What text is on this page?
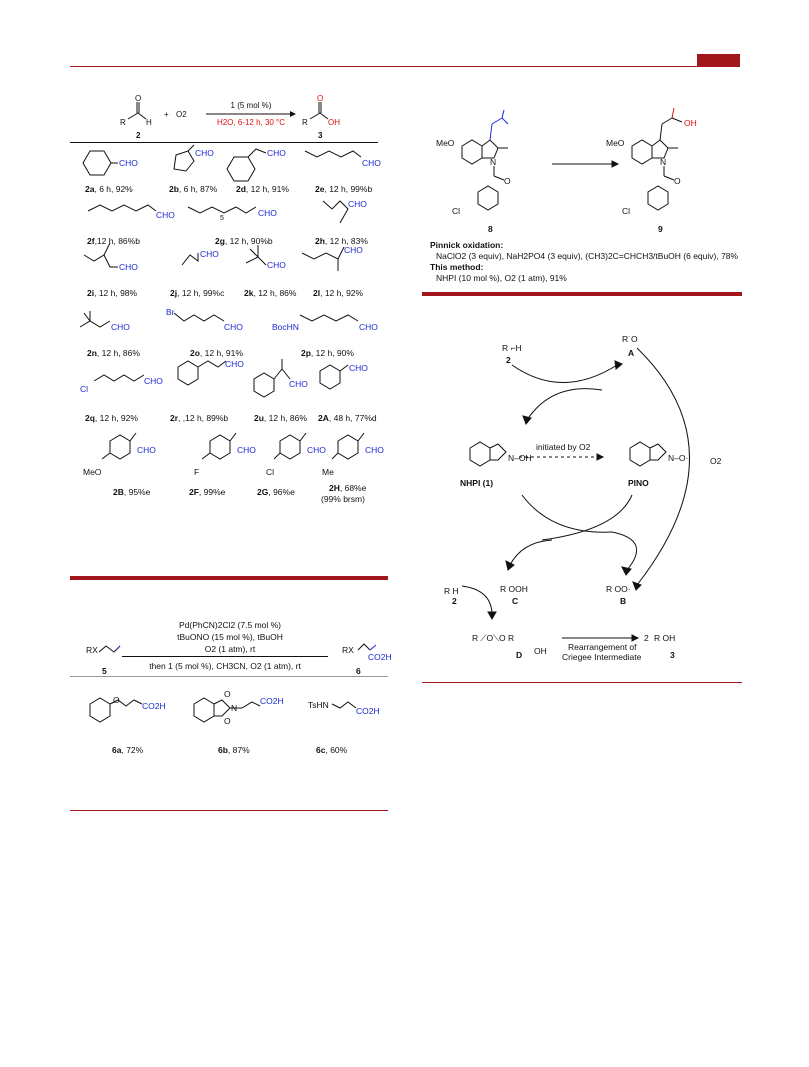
O
R	H
+ O2
1 (5 mol %)
H2O, 6-12 h, 30 °C
O
R	OH
2	3
CHO
CHO	CHO
CHO
CHO	5
CHO
CHO
CHO
CHO
CHO
CHO
CHO
Br
CHO	BocHN	CHO
Cl
CHO
CHO
CHO
CHO
MeO
CHO
F
CHO
Cl
CHO
Me
CHO
2a, 6 h, 92%	2b, 6 h, 87% 2d, 12 h, 91%	2e, 12 h, 99%b
2f,12 h, 86%b	2g, 12 h, 90%b	2h, 12 h, 83%
2i, 12 h, 98%	2j, 12 h, 99%c 2k, 12 h, 86% 2l, 12 h, 92%
2n, 12 h, 86%	2o, 12 h, 91%	2p, 12 h, 90%
2q, 12 h, 92%	2r, ,12 h, 89%b	2u, 12 h, 86% 2A, 48 h, 77%d
2B, 95%e	2F, 99%e	2G, 96%e	2H, 68%e
(99% brsm)
Pd(PhCN)2Cl2 (7.5 mol %)
tBuONO (15 mol %), tBuOH
O2 (1 atm), rt
then 1 (5 mol %), CH3CN, O2 (1 atm), rt
RX
5
RX
CO2H
6
O
CO2H
O
N
O
CO2H	TsHN
CO2H
6a, 72%	6b, 87%	6c, 60%
MeO
N
O
Cl
MeO
N
OH
O
Cl
8	9
Pinnick oxidation:
NaClO2 (3 equiv), NaH2PO4 (3 equiv), (CH3)2C=CHCH3/tBuOH (6 equiv), 78%
This method:
NHPI (10 mol %), O2 (1 atm), 91%
R ⌐H
2
R˙O
A
N–OH
NHPI (1)
initiated by O2
N–O·
PINO
O2
R OOH
C
R OO·
B
R H
2
R ⟋O⟍O R
OH
D
Rearrangement of
Criegee Intermediate
2 R OH
3
